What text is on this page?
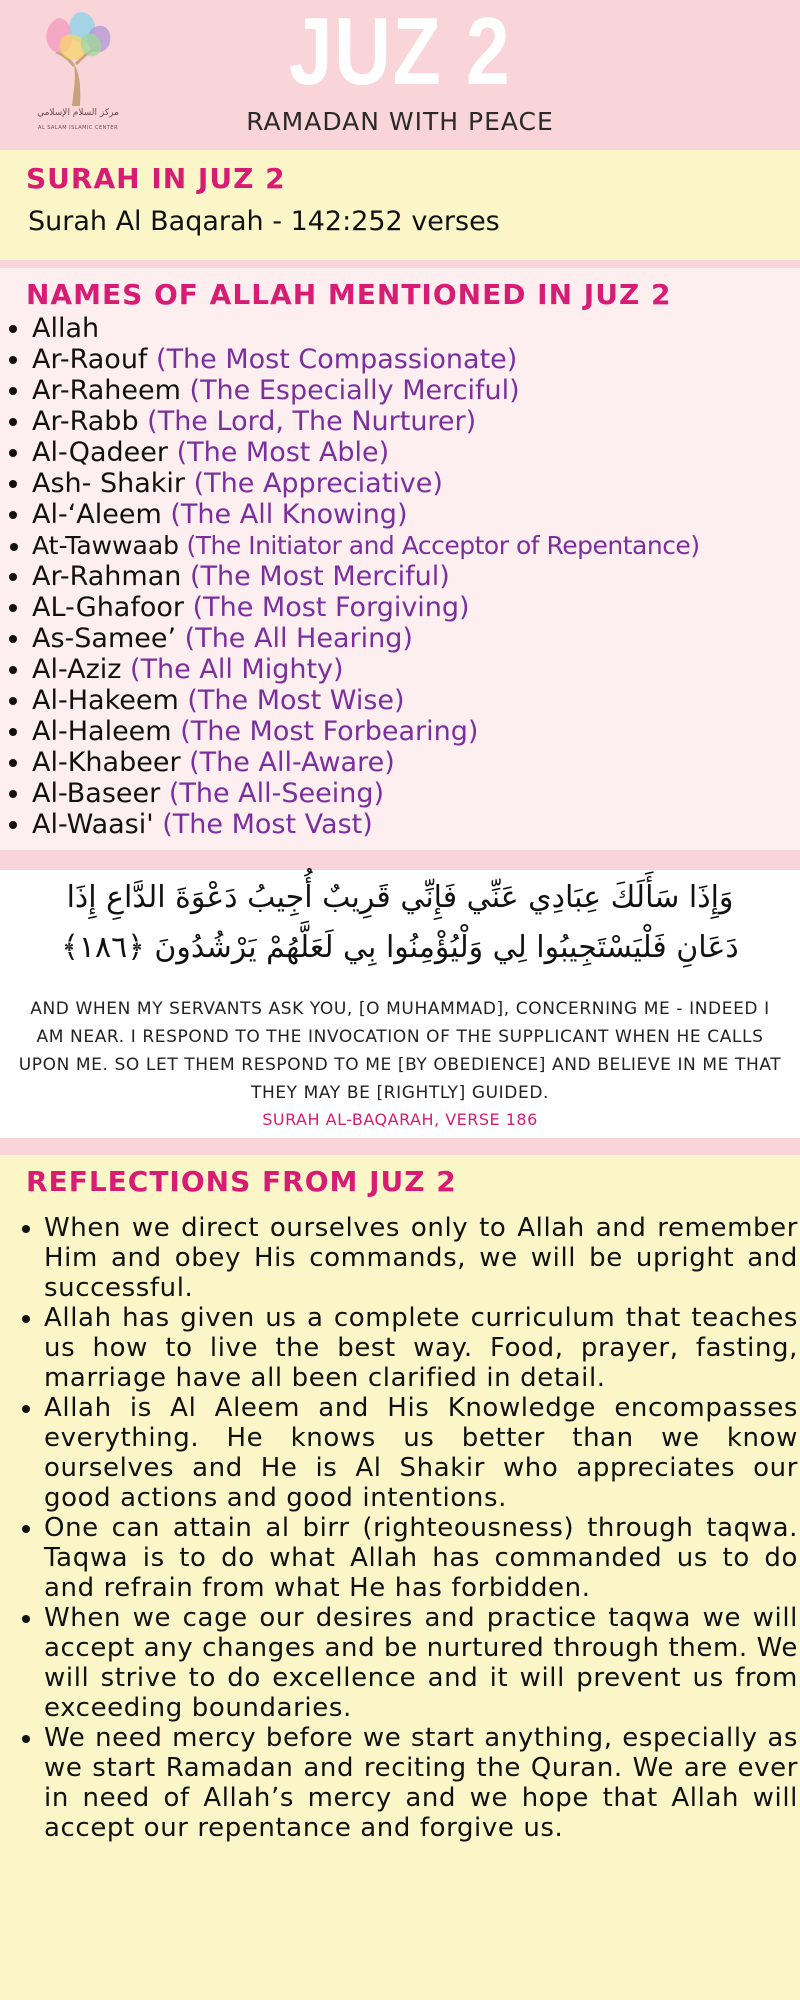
مركز السلام الإسلامي
AL SALAM ISLAMIC CENTER
JUZ 2
RAMADAN WITH PEACE
SURAH IN JUZ 2
Surah Al Baqarah - 142:252 verses
NAMES OF ALLAH MENTIONED IN JUZ 2
• Allah
• Ar-Raouf (The Most Compassionate)
• Ar-Raheem (The Especially Merciful)
• Ar-Rabb (The Lord, The Nurturer)
• Al-Qadeer (The Most Able)
• Ash- Shakir (The Appreciative)
• Al-‘Aleem (The All Knowing)
• At-Tawwaab (The Initiator and Acceptor of Repentance)
• Ar-Rahman (The Most Merciful)
• AL-Ghafoor (The Most Forgiving)
• As-Samee’ (The All Hearing)
• Al-Aziz (The All Mighty)
• Al-Hakeem (The Most Wise)
• Al-Haleem (The Most Forbearing)
• Al-Khabeer (The All-Aware)
• Al-Baseer (The All-Seeing)
• Al-Waasi' (The Most Vast)
وَإِذَا سَأَلَكَ عِبَادِي عَنِّي فَإِنِّي قَرِيبٌ أُجِيبُ دَعْوَةَ الدَّاعِ إِذَا
دَعَانِ فَلْيَسْتَجِيبُوا لِي وَلْيُؤْمِنُوا بِي لَعَلَّهُمْ يَرْشُدُونَ ﴿١٨٦﴾
AND WHEN MY SERVANTS ASK YOU, [O MUHAMMAD], CONCERNING ME - INDEED I AM NEAR. I RESPOND TO THE INVOCATION OF THE SUPPLICANT WHEN HE CALLS UPON ME. SO LET THEM RESPOND TO ME [BY OBEDIENCE] AND BELIEVE IN ME THAT THEY MAY BE [RIGHTLY] GUIDED.
SURAH AL-BAQARAH, VERSE 186
REFLECTIONS FROM JUZ 2
• When we direct ourselves only to Allah and remember Him and obey His commands, we will be upright and successful.
• Allah has given us a complete curriculum that teaches us how to live the best way. Food, prayer, fasting, marriage have all been clarified in detail.
• Allah is Al Aleem and His Knowledge encompasses everything. He knows us better than we know ourselves and He is Al Shakir who appreciates our good actions and good intentions.
• One can attain al birr (righteousness) through taqwa. Taqwa is to do what Allah has commanded us to do and refrain from what He has forbidden.
• When we cage our desires and practice taqwa we will accept any changes and be nurtured through them. We will strive to do excellence and it will prevent us from exceeding boundaries.
• We need mercy before we start anything, especially as we start Ramadan and reciting the Quran. We are ever in need of Allah’s mercy and we hope that Allah will accept our repentance and forgive us.
